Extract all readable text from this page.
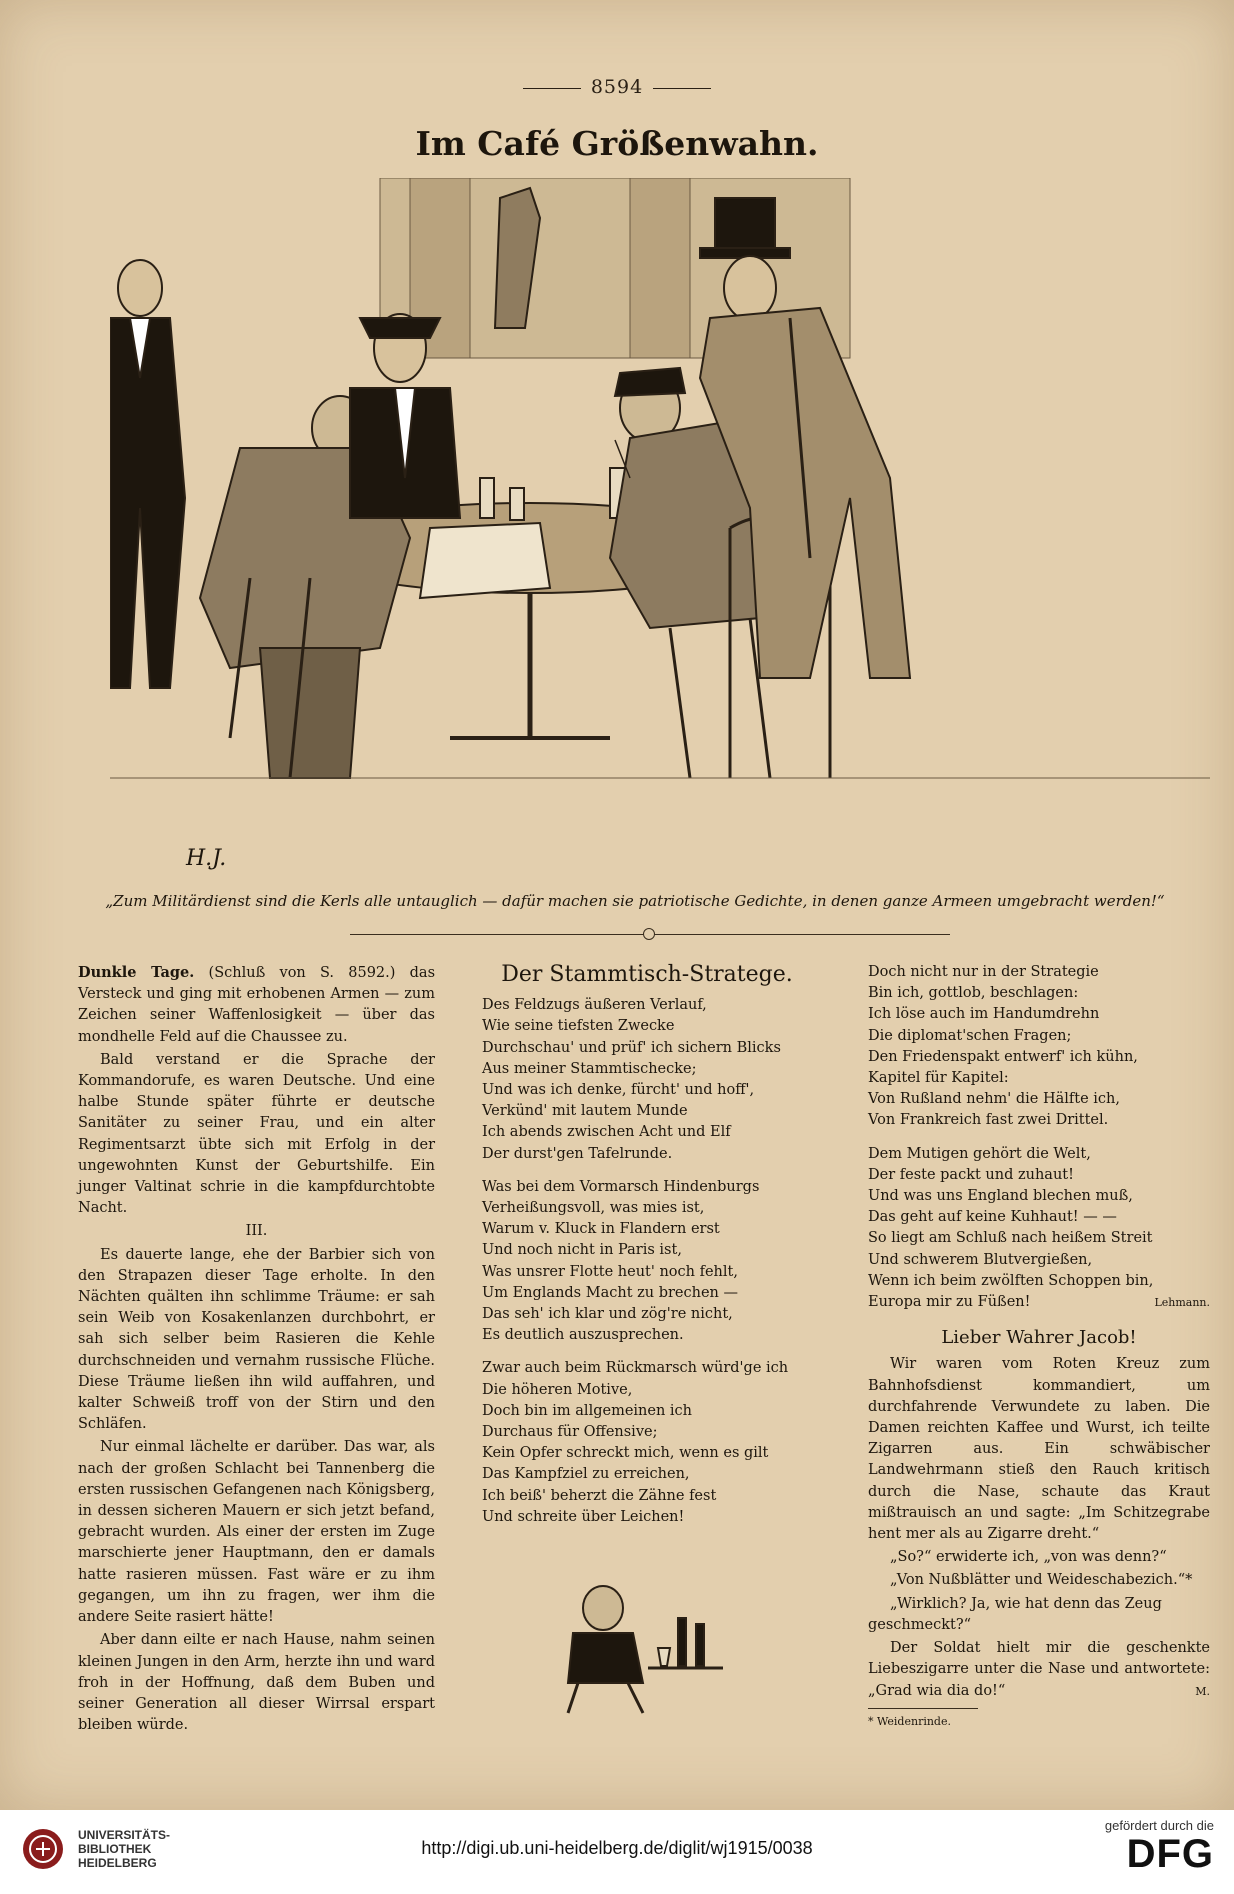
8594
Im Café Größenwahn.
H.J.
„Zum Militärdienst sind die Kerls alle untauglich — dafür machen sie patriotische Gedichte, in denen ganze Armeen umgebracht werden!“

Dunkle Tage. (Schluß von S. 8592.) das Versteck und ging mit erhobenen Armen — zum Zeichen seiner Waffenlosigkeit — über das mondhelle Feld auf die Chaussee zu.

Bald verstand er die Sprache der Kommandorufe, es waren Deutsche. Und eine halbe Stunde später führte er deutsche Sanitäter zu seiner Frau, und ein alter Regimentsarzt übte sich mit Erfolg in der ungewohnten Kunst der Geburtshilfe. Ein junger Valtinat schrie in die kampfdurchtobte Nacht.

III.

Es dauerte lange, ehe der Barbier sich von den Strapazen dieser Tage erholte. In den Nächten quälten ihn schlimme Träume: er sah sein Weib von Kosakenlanzen durchbohrt, er sah sich selber beim Rasieren die Kehle durchschneiden und vernahm russische Flüche. Diese Träume ließen ihn wild auffahren, und kalter Schweiß troff von der Stirn und den Schläfen.

Nur einmal lächelte er darüber. Das war, als nach der großen Schlacht bei Tannenberg die ersten russischen Gefangenen nach Königsberg, in dessen sicheren Mauern er sich jetzt befand, gebracht wurden. Als einer der ersten im Zuge marschierte jener Hauptmann, den er damals hatte rasieren müssen. Fast wäre er zu ihm gegangen, um ihn zu fragen, wer ihm die andere Seite rasiert hätte!

Aber dann eilte er nach Hause, nahm seinen kleinen Jungen in den Arm, herzte ihn und ward froh in der Hoffnung, daß dem Buben und seiner Generation all dieser Wirrsal erspart bleiben würde.

Der Stammtisch-Stratege.
Des Feldzugs äußeren Verlauf,
Wie seine tiefsten Zwecke
Durchschau' und prüf' ich sichern Blicks
Aus meiner Stammtischecke;
Und was ich denke, fürcht' und hoff',
Verkünd' mit lautem Munde
Ich abends zwischen Acht und Elf
Der durst'gen Tafelrunde.
Was bei dem Vormarsch Hindenburgs
Verheißungsvoll, was mies ist,
Warum v. Kluck in Flandern erst
Und noch nicht in Paris ist,
Was unsrer Flotte heut' noch fehlt,
Um Englands Macht zu brechen —
Das seh' ich klar und zög're nicht,
Es deutlich auszusprechen.
Zwar auch beim Rückmarsch würd'ge ich
Die höheren Motive,
Doch bin im allgemeinen ich
Durchaus für Offensive;
Kein Opfer schreckt mich, wenn es gilt
Das Kampfziel zu erreichen,
Ich beiß' beherzt die Zähne fest
Und schreite über Leichen!
Doch nicht nur in der Strategie
Bin ich, gottlob, beschlagen:
Ich löse auch im Handumdrehn
Die diplomat'schen Fragen;
Den Friedenspakt entwerf' ich kühn,
Kapitel für Kapitel:
Von Rußland nehm' die Hälfte ich,
Von Frankreich fast zwei Drittel.
Dem Mutigen gehört die Welt,
Der feste packt und zuhaut!
Und was uns England blechen muß,
Das geht auf keine Kuhhaut! — —
So liegt am Schluß nach heißem Streit
Und schwerem Blutvergießen,
Wenn ich beim zwölften Schoppen bin,
Europa mir zu Füßen!	Lehmann.
Lieber Wahrer Jacob!

Wir waren vom Roten Kreuz zum Bahnhofsdienst kommandiert, um durchfahrende Verwundete zu laben. Die Damen reichten Kaffee und Wurst, ich teilte Zigarren aus. Ein schwäbischer Landwehrmann stieß den Rauch kritisch durch die Nase, schaute das Kraut mißtrauisch an und sagte: „Im Schitzegrabe hent mer als au Zigarre dreht.“

„So?“ erwiderte ich, „von was denn?“

„Von Nußblätter und Weideschabezich.“*

„Wirklich? Ja, wie hat denn das Zeug geschmeckt?“

Der Soldat hielt mir die geschenkte Liebeszigarre unter die Nase und antwortete: „Grad wia dia do!“	M.

* Weidenrinde.
UNIVERSITÄTS-
BIBLIOTHEK
HEIDELBERG
http://digi.ub.uni-heidelberg.de/diglit/wj1915/0038
gefördert durch die
DFG
